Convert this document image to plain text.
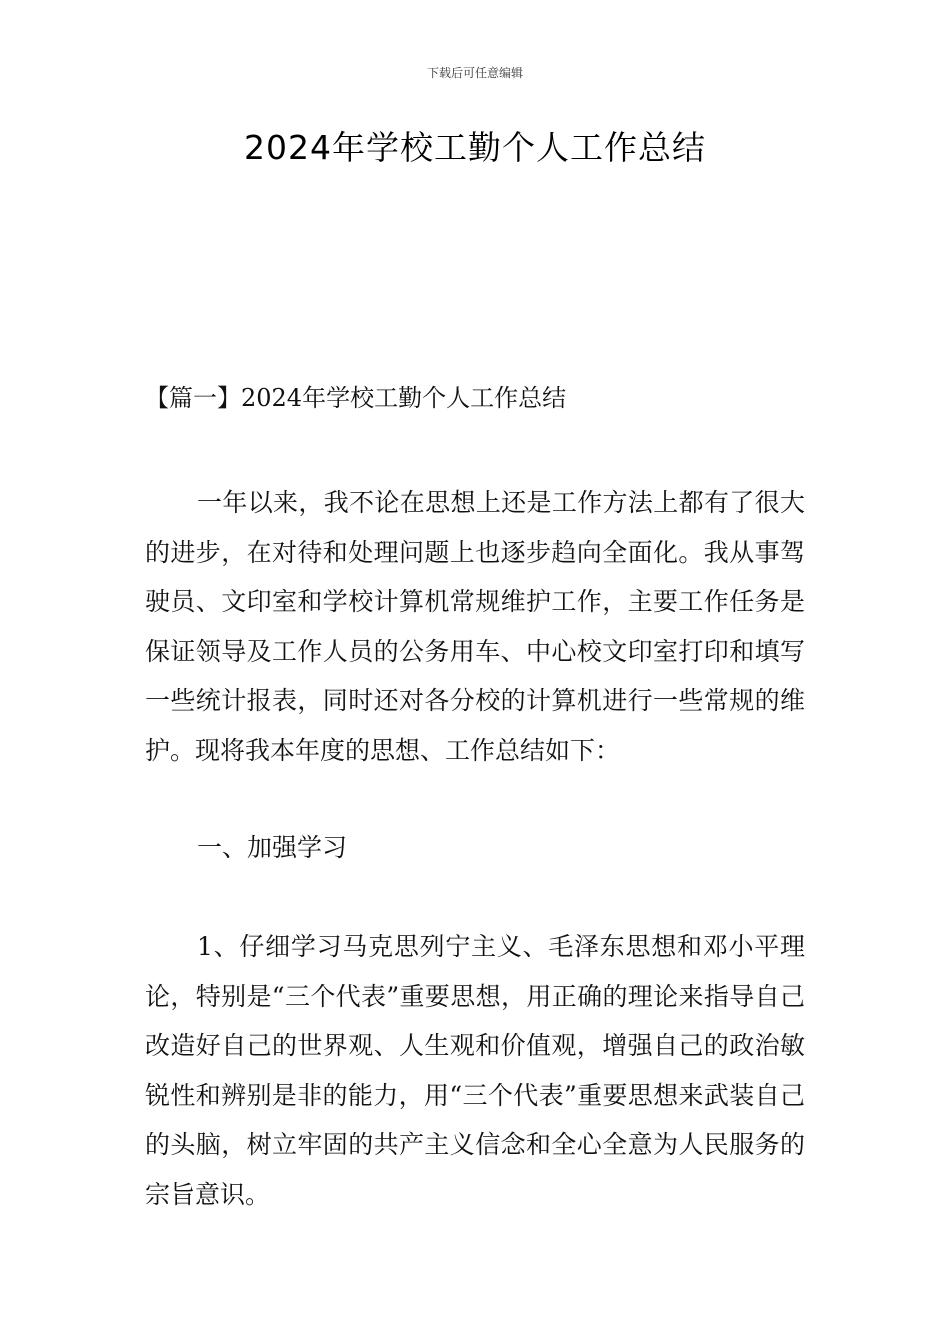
下载后可任意编辑
2024年学校工勤个人工作总结
【篇一】2024年学校工勤个人工作总结

一年以来，我不论在思想上还是工作方法上都有了很大的进步，在对待和处理问题上也逐步趋向全面化。我从事驾驶员、文印室和学校计算机常规维护工作，主要工作任务是保证领导及工作人员的公务用车、中心校文印室打印和填写一些统计报表，同时还对各分校的计算机进行一些常规的维护。现将我本年度的思想、工作总结如下：

一、加强学习

1、仔细学习马克思列宁主义、毛泽东思想和邓小平理论，特别是“三个代表”重要思想，用正确的理论来指导自己改造好自己的世界观、人生观和价值观，增强自己的政治敏锐性和辨别是非的能力，用“三个代表”重要思想来武装自己的头脑，树立牢固的共产主义信念和全心全意为人民服务的宗旨意识。
